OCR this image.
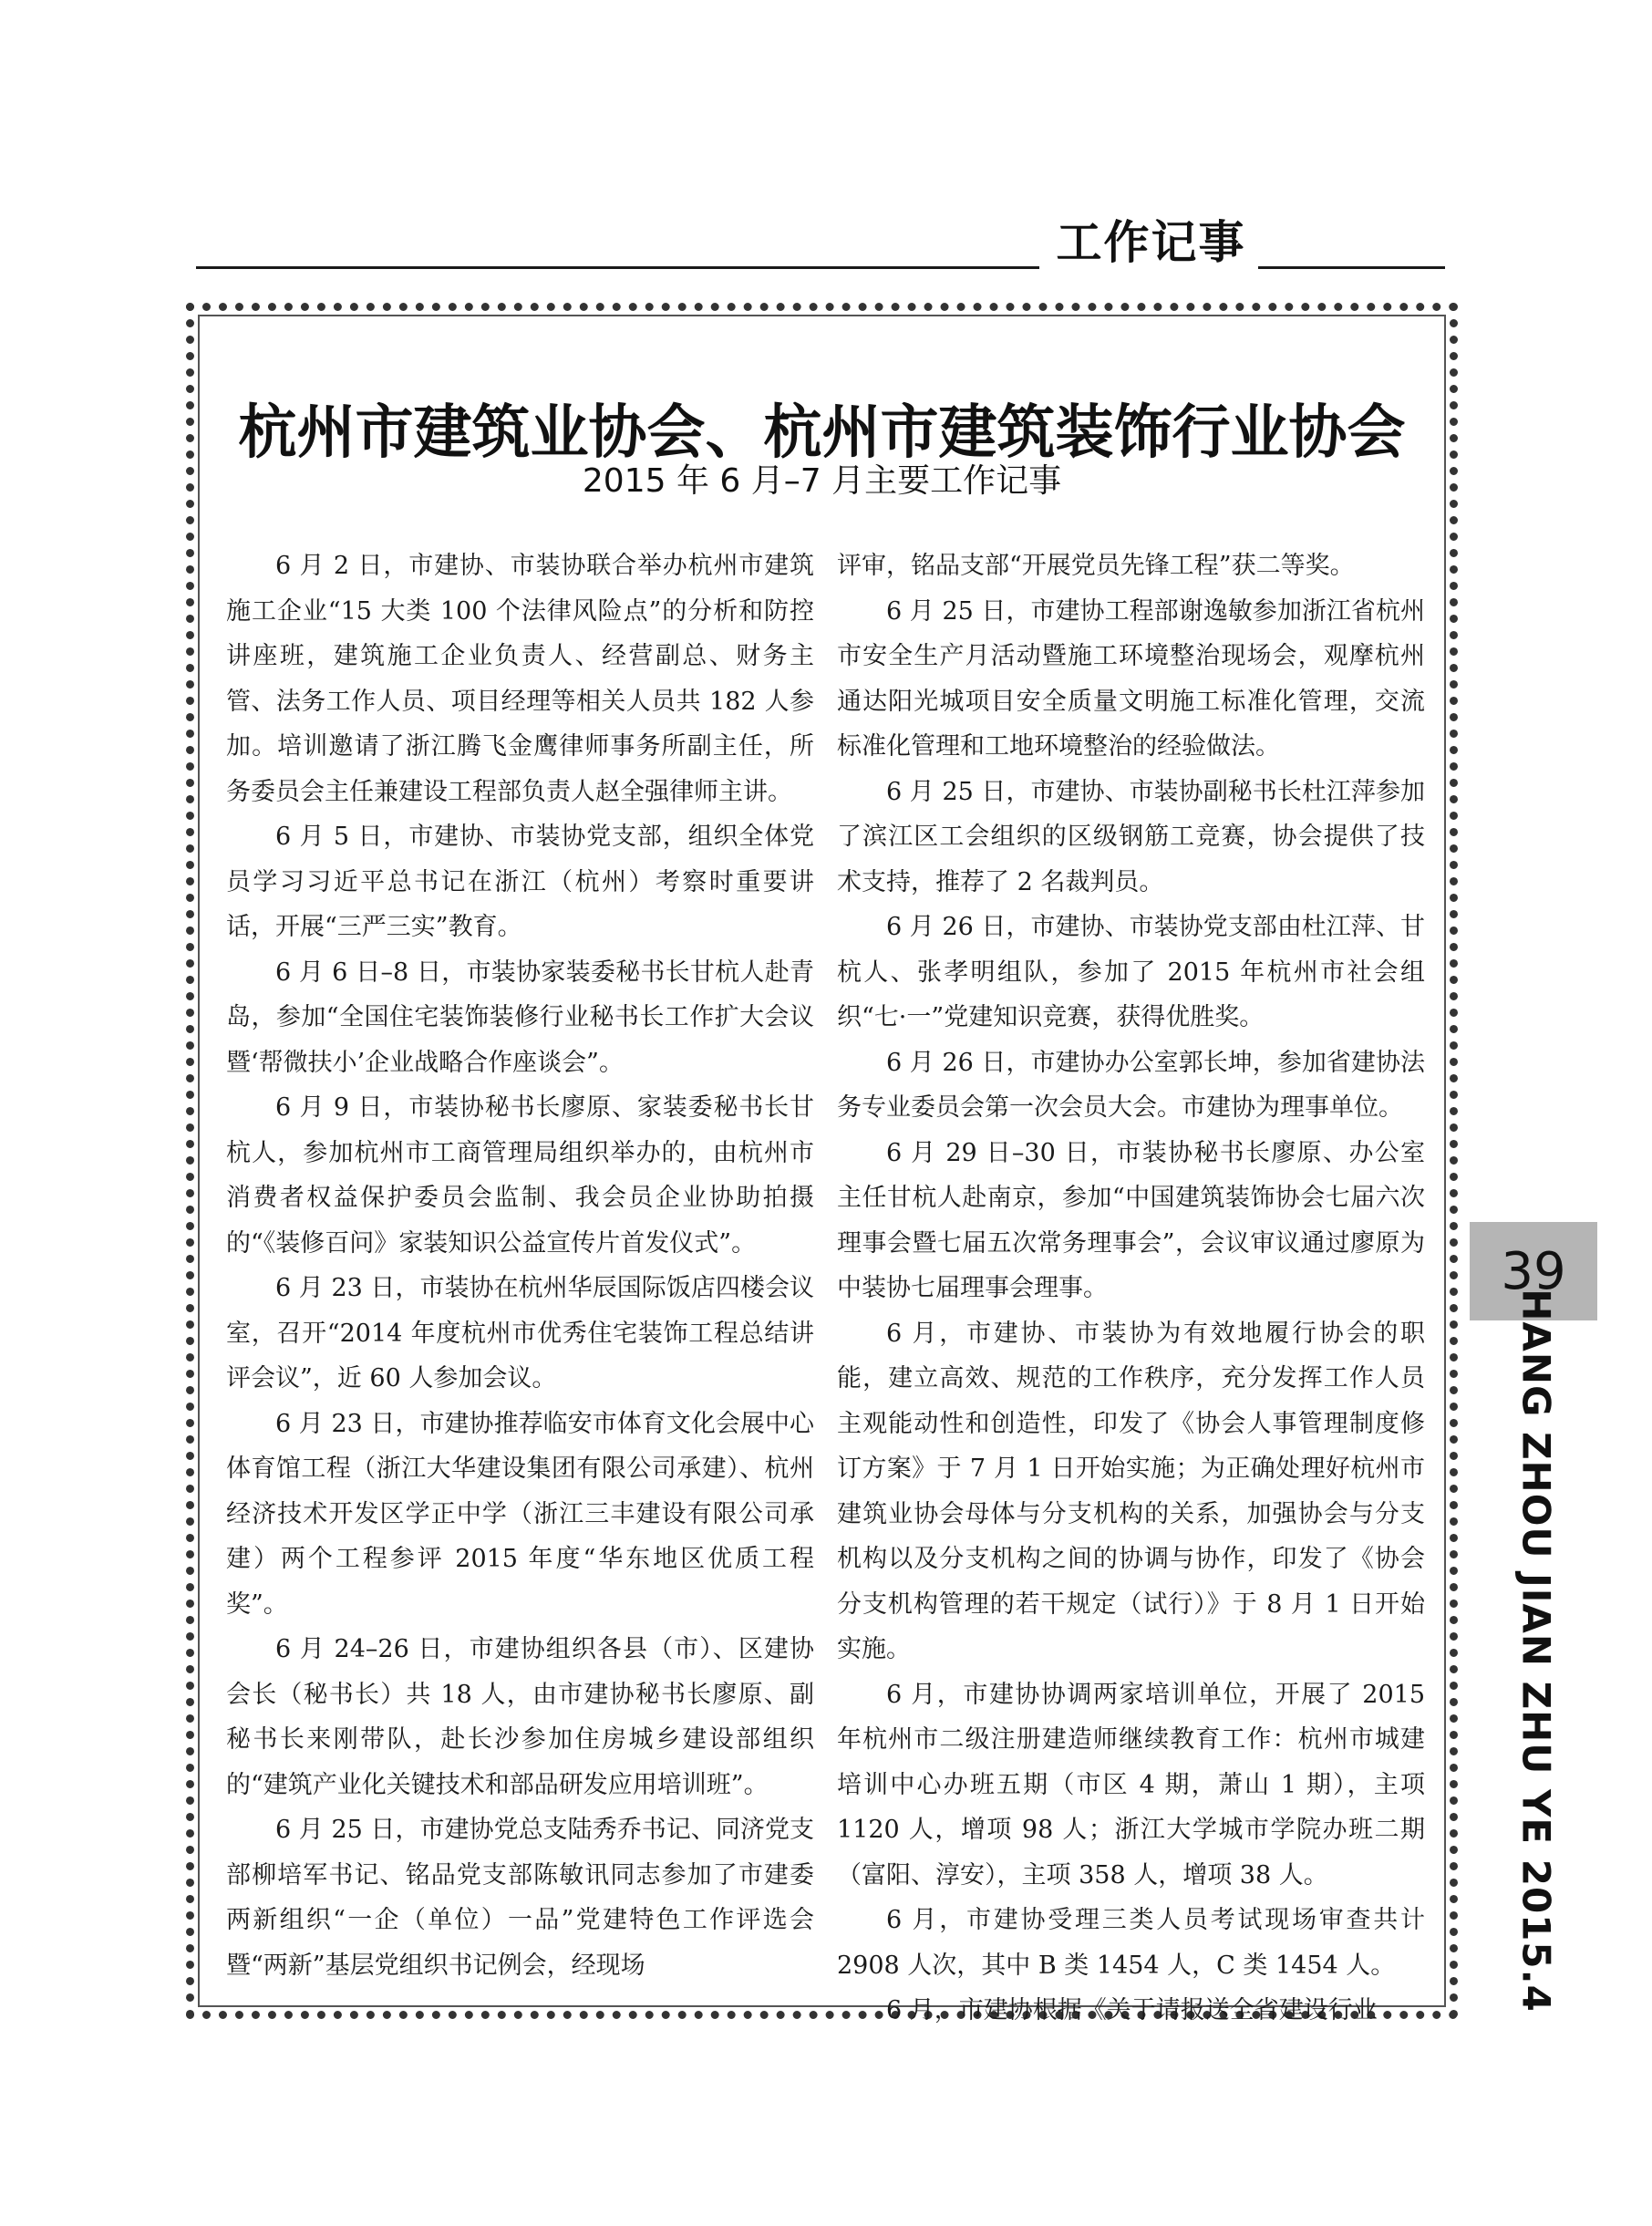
工作记事
杭州市建筑业协会、杭州市建筑装饰行业协会
2015 年 6 月–7 月主要工作记事

6 月 2 日，市建协、市装协联合举办杭州市建筑施工企业“15 大类 100 个法律风险点”的分析和防控讲座班，建筑施工企业负责人、经营副总、财务主管、法务工作人员、项目经理等相关人员共 182 人参加。培训邀请了浙江腾飞金鹰律师事务所副主任，所务委员会主任兼建设工程部负责人赵全强律师主讲。

6 月 5 日，市建协、市装协党支部，组织全体党员学习习近平总书记在浙江（杭州）考察时重要讲话，开展“三严三实”教育。

6 月 6 日–8 日，市装协家装委秘书长甘杭人赴青岛，参加“全国住宅装饰装修行业秘书长工作扩大会议暨‘帮微扶小’企业战略合作座谈会”。

6 月 9 日，市装协秘书长廖原、家装委秘书长甘杭人，参加杭州市工商管理局组织举办的，由杭州市消费者权益保护委员会监制、我会员企业协助拍摄的“《装修百问》家装知识公益宣传片首发仪式”。

6 月 23 日，市装协在杭州华辰国际饭店四楼会议室，召开“2014 年度杭州市优秀住宅装饰工程总结讲评会议”，近 60 人参加会议。

6 月 23 日，市建协推荐临安市体育文化会展中心体育馆工程（浙江大华建设集团有限公司承建）、杭州经济技术开发区学正中学（浙江三丰建设有限公司承建）两个工程参评 2015 年度“华东地区优质工程奖”。

6 月 24–26 日，市建协组织各县（市）、区建协会长（秘书长）共 18 人，由市建协秘书长廖原、副秘书长来刚带队，赴长沙参加住房城乡建设部组织的“建筑产业化关键技术和部品研发应用培训班”。

6 月 25 日，市建协党总支陆秀乔书记、同济党支部柳培军书记、铭品党支部陈敏讯同志参加了市建委两新组织“一企（单位）一品”党建特色工作评选会暨“两新”基层党组织书记例会，经现场

评审，铭品支部“开展党员先锋工程”获二等奖。

6 月 25 日，市建协工程部谢逸敏参加浙江省杭州市安全生产月活动暨施工环境整治现场会，观摩杭州通达阳光城项目安全质量文明施工标准化管理，交流标准化管理和工地环境整治的经验做法。

6 月 25 日，市建协、市装协副秘书长杜江萍参加了滨江区工会组织的区级钢筋工竞赛，协会提供了技术支持，推荐了 2 名裁判员。

6 月 26 日，市建协、市装协党支部由杜江萍、甘杭人、张孝明组队，参加了 2015 年杭州市社会组织“七·一”党建知识竞赛，获得优胜奖。

6 月 26 日，市建协办公室郭长坤，参加省建协法务专业委员会第一次会员大会。市建协为理事单位。

6 月 29 日–30 日，市装协秘书长廖原、办公室主任甘杭人赴南京，参加“中国建筑装饰协会七届六次理事会暨七届五次常务理事会”，会议审议通过廖原为中装协七届理事会理事。

6 月，市建协、市装协为有效地履行协会的职能，建立高效、规范的工作秩序，充分发挥工作人员主观能动性和创造性，印发了《协会人事管理制度修订方案》于 7 月 1 日开始实施；为正确处理好杭州市建筑业协会母体与分支机构的关系，加强协会与分支机构以及分支机构之间的协调与协作，印发了《协会分支机构管理的若干规定（试行）》于 8 月 1 日开始实施。

6 月，市建协协调两家培训单位，开展了 2015 年杭州市二级注册建造师继续教育工作：杭州市城建培训中心办班五期（市区 4 期，萧山 1 期），主项 1120 人，增项 98 人；浙江大学城市学院办班二期（富阳、淳安），主项 358 人，增项 38 人。

6 月，市建协受理三类人员考试现场审查共计 2908 人次，其中 B 类 1454 人，C 类 1454 人。

6 月，市建协根据《关于请报送全省建设行业

39
HANG ZHOU JIAN ZHU YE 2015.4
